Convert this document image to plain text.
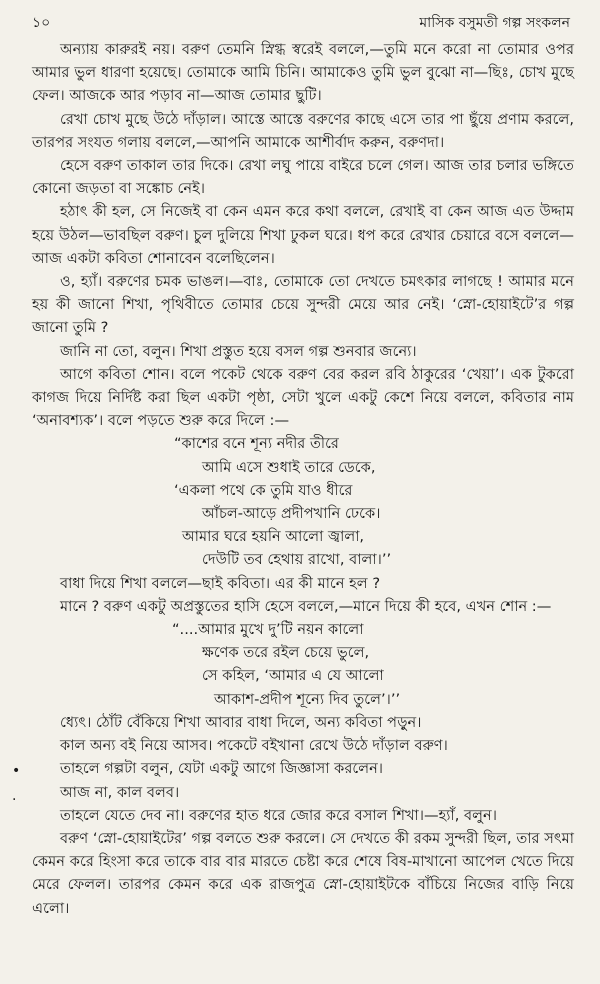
১০	মাসিক বসুমতী গল্প সংকলন

অন্যায় কারুরই নয়। বরুণ তেমনি স্নিগ্ধ স্বরেই বললে,—তুমি মনে করো না তোমার ওপর আমার ভুল ধারণা হয়েছে। তোমাকে আমি চিনি। আমাকেও তুমি ভুল বুঝো না—ছিঃ, চোখ মুছে ফেল। আজকে আর পড়াব না—আজ তোমার ছুটি।

রেখা চোখ মুছে উঠে দাঁড়াল। আস্তে আস্তে বরুণের কাছে এসে তার পা ছুঁয়ে প্রণাম করলে, তারপর সংযত গলায় বললে,—আপনি আমাকে আশীর্বাদ করুন, বরুণদা।

হেসে বরুণ তাকাল তার দিকে। রেখা লঘু পায়ে বাইরে চলে গেল। আজ তার চলার ভঙ্গিতে কোনো জড়তা বা সঙ্কোচ নেই।

হঠাৎ কী হল, সে নিজেই বা কেন এমন করে কথা বললে, রেখাই বা কেন আজ এত উদ্দাম হয়ে উঠল—ভাবছিল বরুণ। চুল দুলিয়ে শিখা ঢুকল ঘরে। ধপ করে রেখার চেয়ারে বসে বললে—আজ একটা কবিতা শোনাবেন বলেছিলেন।

ও, হ্যাঁ। বরুণের চমক ভাঙল।—বাঃ, তোমাকে তো দেখতে চমৎকার লাগছে ! আমার মনে হয় কী জানো শিখা, পৃথিবীতে তোমার চেয়ে সুন্দরী মেয়ে আর নেই। ‘স্নো-হোয়াইটে’র গল্প জানো তুমি ?

জানি না তো, বলুন। শিখা প্রস্তুত হয়ে বসল গল্প শুনবার জন্যে।

আগে কবিতা শোন। বলে পকেট থেকে বরুণ বের করল রবি ঠাকুরের ‘খেয়া’। এক টুকরো কাগজ দিয়ে নির্দিষ্ট করা ছিল একটা পৃষ্ঠা, সেটা খুলে একটু কেশে নিয়ে বললে, কবিতার নাম ‘অনাবশ্যক’। বলে পড়তে শুরু করে দিলে :—

“কাশের বনে শূন্য নদীর তীরে
আমি এসে শুধাই তারে ডেকে,
‘একলা পথে কে তুমি যাও ধীরে
আঁচল-আড়ে প্রদীপখানি ঢেকে।
আমার ঘরে হয়নি আলো জ্বালা,
দেউটি তব হেথায় রাখো, বালা।’’

বাধা দিয়ে শিখা বললে—ছাই কবিতা। এর কী মানে হল ?

মানে ? বরুণ একটু অপ্রস্তুতের হাসি হেসে বললে,—মানে দিয়ে কী হবে, এখন শোন :—

“....আমার মুখে দু’টি নয়ন কালো
ক্ষণেক তরে রইল চেয়ে ভুলে,
সে কহিল, ‘আমার এ যে আলো
আকাশ-প্রদীপ শূন্যে দিব তুলে’।’’

ধ্যেৎ। ঠোঁট বেঁকিয়ে শিখা আবার বাধা দিলে, অন্য কবিতা পড়ুন।

কাল অন্য বই নিয়ে আসব। পকেটে বইখানা রেখে উঠে দাঁড়াল বরুণ।

তাহলে গল্পটা বলুন, যেটা একটু আগে জিজ্ঞাসা করলেন।

আজ না, কাল বলব।

তাহলে যেতে দেব না। বরুণের হাত ধরে জোর করে বসাল শিখা।—হ্যাঁ, বলুন।

বরুণ ‘স্নো-হোয়াইটের’ গল্প বলতে শুরু করলে। সে দেখতে কী রকম সুন্দরী ছিল, তার সৎমা কেমন করে হিংসা করে তাকে বার বার মারতে চেষ্টা করে শেষে বিষ-মাখানো আপেল খেতে দিয়ে মেরে ফেলল। তারপর কেমন করে এক রাজপুত্র স্নো-হোয়াইটকে বাঁচিয়ে নিজের বাড়ি নিয়ে এলো।

•
·
